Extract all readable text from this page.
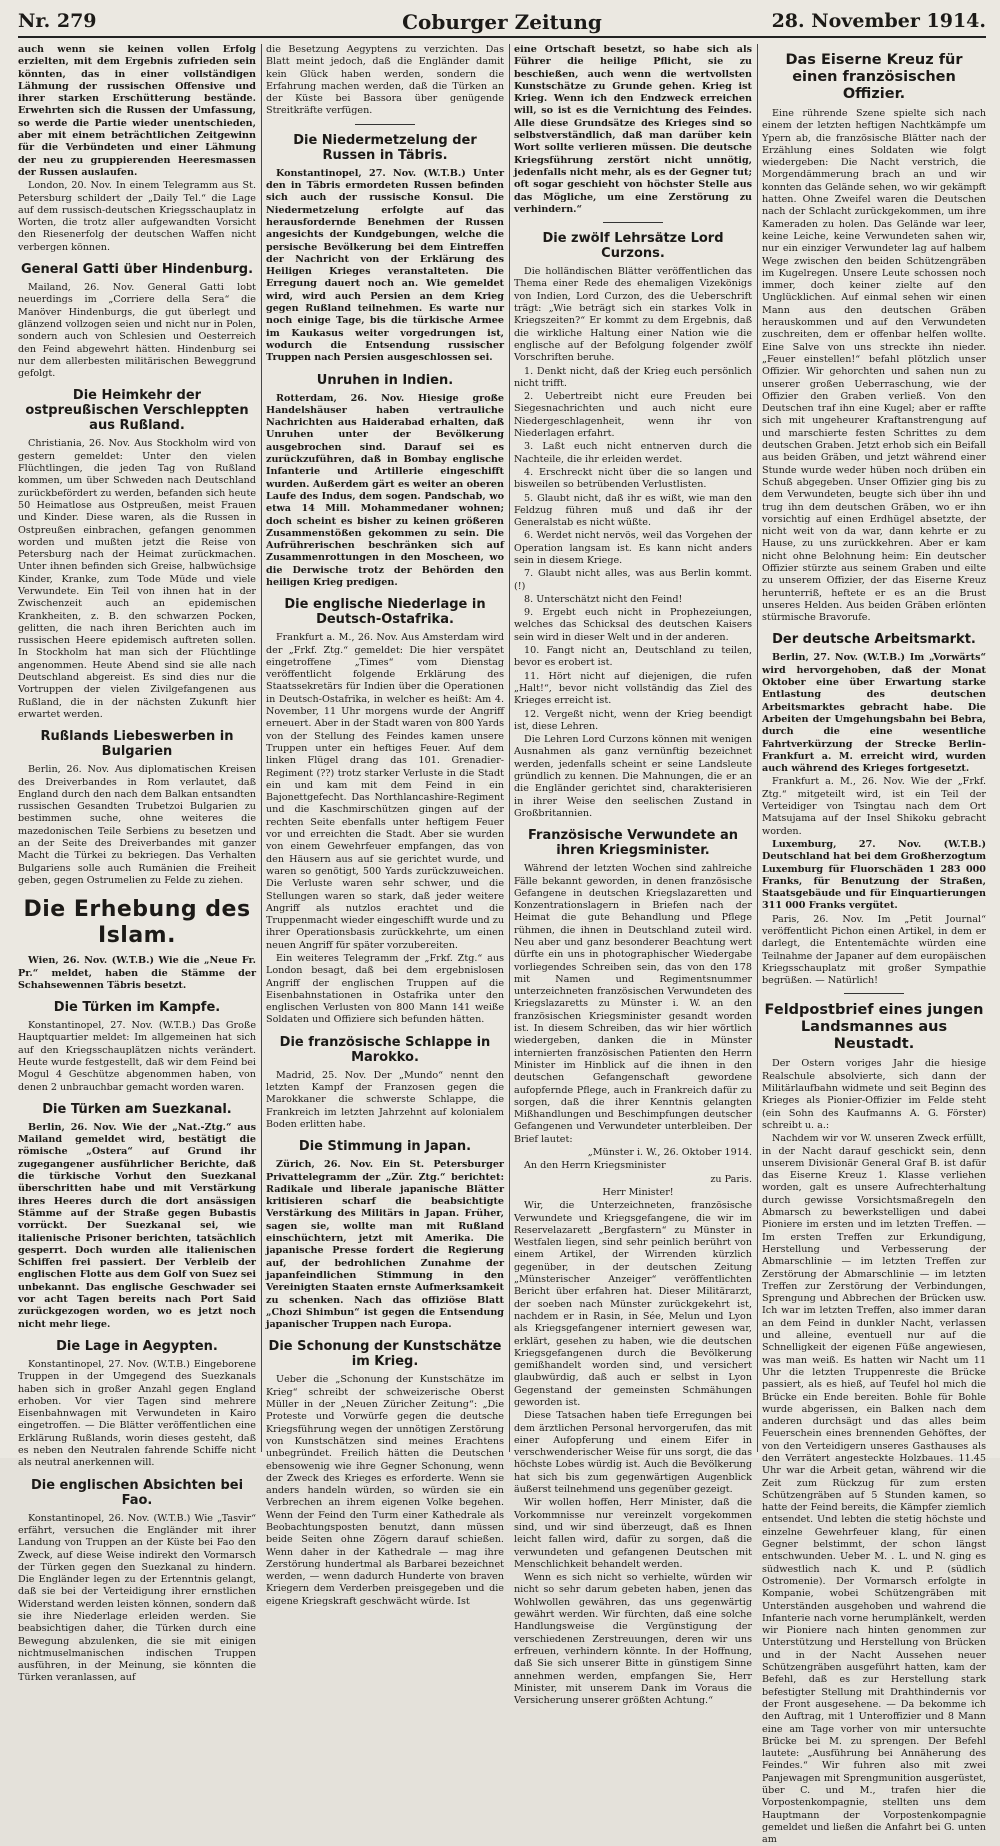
Nr. 279	Coburger Zeitung	28. November 1914.

auch wenn sie keinen vollen Erfolg erzielten, mit dem Ergebnis zufrieden sein könnten, das in einer vollständigen Lähmung der russischen Offensive und ihrer starken Erschütterung bestände. Erwehrten sich die Russen der Umfassung, so werde die Partie wieder unentschieden, aber mit einem beträchtlichen Zeitgewinn für die Verbündeten und einer Lähmung der neu zu gruppierenden Heeresmassen der Russen auslaufen.

London, 20. Nov. In einem Telegramm aus St. Petersburg schildert der „Daily Tel.“ die Lage auf dem russisch-deutschen Kriegsschauplatz in Worten, die trotz aller aufgewandten Vorsicht den Riesenerfolg der deutschen Waffen nicht verbergen können.

General Gatti über Hindenburg.

Mailand, 26. Nov. General Gatti lobt neuerdings im „Corriere della Sera“ die Manöver Hindenburgs, die gut überlegt und glänzend vollzogen seien und nicht nur in Polen, sondern auch von Schlesien und Oesterreich den Feind abgewehrt hätten. Hindenburg sei nur dem allerbesten militärischen Beweggrund gefolgt.

Die Heimkehr der ostpreußischen Verschleppten aus Rußland.

Christiania, 26. Nov. Aus Stockholm wird von gestern gemeldet: Unter den vielen Flüchtlingen, die jeden Tag von Rußland kommen, um über Schweden nach Deutschland zurückbefördert zu werden, befanden sich heute 50 Heimatlose aus Ostpreußen, meist Frauen und Kinder. Diese waren, als die Russen in Ostpreußen einbrachen, gefangen genommen worden und mußten jetzt die Reise von Petersburg nach der Heimat zurückmachen. Unter ihnen befinden sich Greise, halbwüchsige Kinder, Kranke, zum Tode Müde und viele Verwundete. Ein Teil von ihnen hat in der Zwischenzeit auch an epidemischen Krankheiten, z. B. den schwarzen Pocken, gelitten, die nach ihren Berichten auch im russischen Heere epidemisch auftreten sollen. In Stockholm hat man sich der Flüchtlinge angenommen. Heute Abend sind sie alle nach Deutschland abgereist. Es sind dies nur die Vortruppen der vielen Zivilgefangenen aus Rußland, die in der nächsten Zukunft hier erwartet werden.

Rußlands Liebeswerben in Bulgarien

Berlin, 26. Nov. Aus diplomatischen Kreisen des Dreiverbandes in Rom verlautet, daß England durch den nach dem Balkan entsandten russischen Gesandten Trubetzoi Bulgarien zu bestimmen suche, ohne weiteres die mazedonischen Teile Serbiens zu besetzen und an der Seite des Dreiverbandes mit ganzer Macht die Türkei zu bekriegen. Das Verhalten Bulgariens solle auch Rumänien die Freiheit geben, gegen Ostrumelien zu Felde zu ziehen.

Die Erhebung des Islam.

Wien, 26. Nov. (W.T.B.) Wie die „Neue Fr. Pr.“ meldet, haben die Stämme der Schahsewennen Täbris besetzt.

Die Türken im Kampfe.

Konstantinopel, 27. Nov. (W.T.B.) Das Große Hauptquartier meldet: Im allgemeinen hat sich auf den Kriegsschauplätzen nichts verändert. Heute wurde festgestellt, daß wir dem Feind bei Mogul 4 Geschütze abgenommen haben, von denen 2 unbrauchbar gemacht worden waren.

Die Türken am Suezkanal.

Berlin, 26. Nov. Wie der „Nat.-Ztg.“ aus Mailand gemeldet wird, bestätigt die römische „Ostera“ auf Grund ihr zugegangener ausführlicher Berichte, daß die türkische Vorhut den Suezkanal überschritten habe und mit Verstärkung ihres Heeres durch die dort ansässigen Stämme auf der Straße gegen Bubastis vorrückt. Der Suezkanal sei, wie italienische Prisoner berichten, tatsächlich gesperrt. Doch wurden alle italienischen Schiffen frei passiert. Der Verbleib der englischen Flotte aus dem Golf von Suez sei unbekannt. Das englische Geschwader sei vor acht Tagen bereits nach Port Said zurückgezogen worden, wo es jetzt noch nicht mehr liege.

Die Lage in Aegypten.

Konstantinopel, 27. Nov. (W.T.B.) Eingeborene Truppen in der Umgegend des Suezkanals haben sich in großer Anzahl gegen England erhoben. Vor vier Tagen sind mehrere Eisenbahnwagen mit Verwundeten in Kairo eingetroffen. — Die Blätter veröffentlichen eine Erklärung Rußlands, worin dieses gesteht, daß es neben den Neutralen fahrende Schiffe nicht als neutral anerkennen will.

Die englischen Absichten bei Fao.

Konstantinopel, 26. Nov. (W.T.B.) Wie „Tasvir“ erfährt, versuchen die Engländer mit ihrer Landung von Truppen an der Küste bei Fao den Zweck, auf diese Weise indirekt den Vormarsch der Türken gegen den Suezkanal zu hindern. Die Engländer legen zu der Ertenntnis gelangt, daß sie bei der Verteidigung ihrer ernstlichen Widerstand werden leisten können, sondern daß sie ihre Niederlage erleiden werden. Sie beabsichtigen daher, die Türken durch eine Bewegung abzulenken, die sie mit einigen nichtmuselmanischen indischen Truppen ausführen, in der Meinung, sie könnten die Türken veranlassen, auf

die Besetzung Aegyptens zu verzichten. Das Blatt meint jedoch, daß die Engländer damit kein Glück haben werden, sondern die Erfahrung machen werden, daß die Türken an der Küste bei Bassora über genügende Streitkräfte verfügen.

Die Niedermetzelung der Russen in Täbris.

Konstantinopel, 27. Nov. (W.T.B.) Unter den in Täbris ermordeten Russen befinden sich auch der russische Konsul. Die Niedermetzelung erfolgte auf das herausfordernde Benehmen der Russen angesichts der Kundgebungen, welche die persische Bevölkerung bei dem Eintreffen der Nachricht von der Erklärung des Heiligen Krieges veranstalteten. Die Erregung dauert noch an. Wie gemeldet wird, wird auch Persien an dem Krieg gegen Rußland teilnehmen. Es warte nur noch einige Tage, bis die türkische Armee im Kaukasus weiter vorgedrungen ist, wodurch die Entsendung russischer Truppen nach Persien ausgeschlossen sei.

Unruhen in Indien.

Rotterdam, 26. Nov. Hiesige große Handelshäuser haben vertrauliche Nachrichten aus Haiderabad erhalten, daß Unruhen unter der Bevölkerung ausgebrochen sind. Darauf sei es zurückzuführen, daß in Bombay englische Infanterie und Artillerie eingeschifft wurden. Außerdem gärt es weiter an oberen Laufe des Indus, dem sogen. Pandschab, wo etwa 14 Mill. Mohammedaner wohnen; doch scheint es bisher zu keinen größeren Zusammenstößen gekommen zu sein. Die Aufrührerischen beschränken sich auf Zusammenrottungen in den Moscheen, wo die Derwische trotz der Behörden den heiligen Krieg predigen.

Die englische Niederlage in Deutsch-Ostafrika.

Frankfurt a. M., 26. Nov. Aus Amsterdam wird der „Frkf. Ztg.“ gemeldet: Die hier verspätet eingetroffene „Times“ vom Dienstag veröffentlicht folgende Erklärung des Staatssekretärs für Indien über die Operationen in Deutsch-Ostafrika, in welcher es heißt: Am 4. November, 11 Uhr morgens wurde der Angriff erneuert. Aber in der Stadt waren von 800 Yards von der Stellung des Feindes kamen unsere Truppen unter ein heftiges Feuer. Auf dem linken Flügel drang das 101. Grenadier-Regiment (??) trotz starker Verluste in die Stadt ein und kam mit dem Feind in ein Bajonettgefecht. Das Northlancashire-Regiment und die Kaschmirschützen gingen auf der rechten Seite ebenfalls unter heftigem Feuer vor und erreichten die Stadt. Aber sie wurden von einem Gewehrfeuer empfangen, das von den Häusern aus auf sie gerichtet wurde, und waren so genötigt, 500 Yards zurückzuweichen. Die Verluste waren sehr schwer, und die Stellungen waren so stark, daß jeder weitere Angriff als nutzlos erachtet und die Truppenmacht wieder eingeschifft wurde und zu ihrer Operationsbasis zurückkehrte, um einen neuen Angriff für später vorzubereiten.

Ein weiteres Telegramm der „Frkf. Ztg.“ aus London besagt, daß bei dem ergebnislosen Angriff der englischen Truppen auf die Eisenbahnstationen in Ostafrika unter den englischen Verlusten von 800 Mann 141 weiße Soldaten und Offiziere sich befunden hätten.

Die französische Schlappe in Marokko.

Madrid, 25. Nov. Der „Mundo“ nennt den letzten Kampf der Franzosen gegen die Marokkaner die schwerste Schlappe, die Frankreich im letzten Jahrzehnt auf kolonialem Boden erlitten habe.

Die Stimmung in Japan.

Zürich, 26. Nov. Ein St. Petersburger Privattelegramm der „Zür. Ztg.“ berichtet: Radikale und liberale japanische Blätter kritisieren scharf die beabsichtigte Verstärkung des Militärs in Japan. Früher, sagen sie, wollte man mit Rußland einschüchtern, jetzt mit Amerika. Die japanische Presse fordert die Regierung auf, der bedrohlichen Zunahme der japanfeindlichen Stimmung in den Vereinigten Staaten ernste Aufmerksamkeit zu schenken. Nach das offiziöse Blatt „Chozi Shimbun“ ist gegen die Entsendung japanischer Truppen nach Europa.

Die Schonung der Kunstschätze im Krieg.

Ueber die „Schonung der Kunstschätze im Krieg“ schreibt der schweizerische Oberst Müller in der „Neuen Züricher Zeitung“: „Die Proteste und Vorwürfe gegen die deutsche Kriegsführung wegen der unnötigen Zerstörung von Kunstschätzen sind meines Erachtens unbegründet. Freilich hätten die Deutschen ebensowenig wie ihre Gegner Schonung, wenn der Zweck des Krieges es erforderte. Wenn sie anders handeln würden, so würden sie ein Verbrechen an ihrem eigenen Volke begehen. Wenn der Feind den Turm einer Kathedrale als Beobachtungsposten benutzt, dann müssen beide Seiten ohne Zögern darauf schießen. Wenn daher in der Kathedrale — mag ihre Zerstörung hundertmal als Barbarei bezeichnet werden, — wenn dadurch Hunderte von braven Kriegern dem Verderben preisgegeben und die eigene Kriegskraft geschwächt würde. Ist

eine Ortschaft besetzt, so habe sich als Führer die heilige Pflicht, sie zu beschießen, auch wenn die wertvollsten Kunstschätze zu Grunde gehen. Krieg ist Krieg. Wenn ich den Endzweck erreichen will, so ist es die Vernichtung des Feindes. Alle diese Grundsätze des Krieges sind so selbstverständlich, daß man darüber kein Wort sollte verlieren müssen. Die deutsche Kriegsführung zerstört nicht unnötig, jedenfalls nicht mehr, als es der Gegner tut; oft sogar geschieht von höchster Stelle aus das Mögliche, um eine Zerstörung zu verhindern.“

Die zwölf Lehrsätze Lord Curzons.

Die holländischen Blätter veröffentlichen das Thema einer Rede des ehemaligen Vizekönigs von Indien, Lord Curzon, des die Ueberschrift trägt: „Wie beträgt sich ein starkes Volk in Kriegszeiten?“ Er kommt zu dem Ergebnis, daß die wirkliche Haltung einer Nation wie die englische auf der Befolgung folgender zwölf Vorschriften beruhe.

1. Denkt nicht, daß der Krieg euch persönlich nicht trifft.

2. Uebertreibt nicht eure Freuden bei Siegesnachrichten und auch nicht eure Niedergeschlagenheit, wenn ihr von Niederlagen erfahrt.

3. Laßt euch nicht entnerven durch die Nachteile, die ihr erleiden werdet.

4. Erschreckt nicht über die so langen und bisweilen so betrübenden Verlustlisten.

5. Glaubt nicht, daß ihr es wißt, wie man den Feldzug führen muß und daß ihr der Generalstab es nicht wüßte.

6. Werdet nicht nervös, weil das Vorgehen der Operation langsam ist. Es kann nicht anders sein in diesem Kriege.

7. Glaubt nicht alles, was aus Berlin kommt. (!)

8. Unterschätzt nicht den Feind!

9. Ergebt euch nicht in Prophezeiungen, welches das Schicksal des deutschen Kaisers sein wird in dieser Welt und in der anderen.

10. Fangt nicht an, Deutschland zu teilen, bevor es erobert ist.

11. Hört nicht auf diejenigen, die rufen „Halt!“, bevor nicht vollständig das Ziel des Krieges erreicht ist.

12. Vergeßt nicht, wenn der Krieg beendigt ist, diese Lehren.

Die Lehren Lord Curzons können mit wenigen Ausnahmen als ganz vernünftig bezeichnet werden, jedenfalls scheint er seine Landsleute gründlich zu kennen. Die Mahnungen, die er an die Engländer gerichtet sind, charakterisieren in ihrer Weise den seelischen Zustand in Großbritannien.

Französische Verwundete an ihren Kriegsminister.

Während der letzten Wochen sind zahlreiche Fälle bekannt geworden, in denen französische Gefangene in deutschen Kriegslazaretten und Konzentrationslagern in Briefen nach der Heimat die gute Behandlung und Pflege rühmen, die ihnen in Deutschland zuteil wird. Neu aber und ganz besonderer Beachtung wert dürfte ein uns in photographischer Wiedergabe vorliegendes Schreiben sein, das von den 178 mit Namen und Regimentsnummer unterzeichneten französischen Verwundeten des Kriegslazaretts zu Münster i. W. an den französischen Kriegsminister gesandt worden ist. In diesem Schreiben, das wir hier wörtlich wiedergeben, danken die in Münster internierten französischen Patienten den Herrn Minister im Hinblick auf die ihnen in den deutschen Gefangenschaft gewordene aufopfernde Pflege, auch in Frankreich dafür zu sorgen, daß die ihrer Kenntnis gelangten Mißhandlungen und Beschimpfungen deutscher Gefangenen und Verwundeter unterbleiben. Der Brief lautet:

„Münster i. W., 26. Oktober 1914.

An den Herrn Kriegsminister

zu Paris.

Herr Minister!

Wir, die Unterzeichneten, französische Verwundete und Kriegsgefangene, die wir im Reservelazarett „Bergfastern“ zu Münster in Westfalen liegen, sind sehr peinlich berührt von einem Artikel, der Wirrenden kürzlich gegenüber, in der deutschen Zeitung „Münsterischer Anzeiger“ veröffentlichten Bericht über erfahren hat. Dieser Militärarzt, der soeben nach Münster zurückgekehrt ist, nachdem er in Rasin, in Sée, Melun und Lyon als Kriegsgefangener interniert gewesen war, erklärt, gesehen zu haben, wie die deutschen Kriegsgefangenen durch die Bevölkerung gemißhandelt worden sind, und versichert glaubwürdig, daß auch er selbst in Lyon Gegenstand der gemeinsten Schmähungen geworden ist.

Diese Tatsachen haben tiefe Erregungen bei dem ärztlichen Personal hervorgerufen, das mit einer Aufopferung und einem Eifer in verschwenderischer Weise für uns sorgt, die das höchste Lobes würdig ist. Auch die Bevölkerung hat sich bis zum gegenwärtigen Augenblick äußerst teilnehmend uns gegenüber gezeigt.

Wir wollen hoffen, Herr Minister, daß die Vorkommnisse nur vereinzelt vorgekommen sind, und wir sind überzeugt, daß es Ihnen leicht fallen wird, dafür zu sorgen, daß die verwundeten und gefangenen Deutschen mit Menschlichkeit behandelt werden.

Wenn es sich nicht so verhielte, würden wir nicht so sehr darum gebeten haben, jenen das Wohlwollen gewähren, das uns gegenwärtig gewährt werden. Wir fürchten, daß eine solche Handlungsweise die Vergünstigung der verschiedenen Zerstreuungen, deren wir uns erfreuen, verhindern könnte. In der Hoffnung, daß Sie sich unserer Bitte in günstigem Sinne annehmen werden, empfangen Sie, Herr Minister, mit unserem Dank im Voraus die Versicherung unserer größten Achtung.“

Das Eiserne Kreuz für einen französischen Offizier.

Eine rührende Szene spielte sich nach einem der letzten heftigen Nachtkämpfe um Ypern ab, die französische Blätter nach der Erzählung eines Soldaten wie folgt wiedergeben: Die Nacht verstrich, die Morgendämmerung brach an und wir konnten das Gelände sehen, wo wir gekämpft hatten. Ohne Zweifel waren die Deutschen nach der Schlacht zurückgekommen, um ihre Kameraden zu holen. Das Gelände war leer, keine Leiche, keine Verwundeten sahen wir, nur ein einziger Verwundeter lag auf halbem Wege zwischen den beiden Schützengräben im Kugelregen. Unsere Leute schossen noch immer, doch keiner zielte auf den Unglücklichen. Auf einmal sehen wir einen Mann aus den deutschen Gräben herauskommen und auf den Verwundeten zuschreiten, dem er offenbar helfen wollte. Eine Salve von uns streckte ihn nieder. „Feuer einstellen!“ befahl plötzlich unser Offizier. Wir gehorchten und sahen nun zu unserer großen Ueberraschung, wie der Offizier den Graben verließ. Von den Deutschen traf ihn eine Kugel; aber er raffte sich mit ungeheurer Kraftanstrengung auf und marschierte festen Schrittes zu dem deutschen Graben. Jetzt erhob sich ein Beifall aus beiden Gräben, und jetzt während einer Stunde wurde weder hüben noch drüben ein Schuß abgegeben. Unser Offizier ging bis zu dem Verwundeten, beugte sich über ihn und trug ihn dem deutschen Gräben, wo er ihn vorsichtig auf einen Erdhügel absetzte, der nicht weit von da war, dann kehrte er zu Hause, zu uns zurückkehren. Aber er kam nicht ohne Belohnung heim: Ein deutscher Offizier stürzte aus seinem Graben und eilte zu unserem Offizier, der das Eiserne Kreuz herunterriß, heftete er es an die Brust unseres Helden. Aus beiden Gräben erlönten stürmische Bravorufe.

Der deutsche Arbeitsmarkt.

Berlin, 27. Nov. (W.T.B.) Im „Vorwärts“ wird hervorgehoben, daß der Monat Oktober eine über Erwartung starke Entlastung des deutschen Arbeitsmarktes gebracht habe. Die Arbeiten der Umgehungsbahn bei Bebra, durch die eine wesentliche Fahrtverkürzung der Strecke Berlin-Frankfurt a. M. erreicht wird, wurden auch während des Krieges fortgesetzt.

Frankfurt a. M., 26. Nov. Wie der „Frkf. Ztg.“ mitgeteilt wird, ist ein Teil der Verteidiger von Tsingtau nach dem Ort Matsujama auf der Insel Shikoku gebracht worden.

Luxemburg, 27. Nov. (W.T.B.) Deutschland hat bei dem Großherzogtum Luxemburg für Fluorschäden 1 283 000 Franks, für Benutzung der Straßen, Staatsgebäude und für Einquartierungen 311 000 Franks vergütet.

Paris, 26. Nov. Im „Petit Journal“ veröffentlicht Pichon einen Artikel, in dem er darlegt, die Ententemächte würden eine Teilnahme der Japaner auf dem europäischen Kriegsschauplatz mit großer Sympathie begrüßen. — Natürlich!

Feldpostbrief eines jungen Landsmannes aus Neustadt.

Der Ostern voriges Jahr die hiesige Realschule absolvierte, sich dann der Militärlaufbahn widmete und seit Beginn des Krieges als Pionier-Offizier im Felde steht (ein Sohn des Kaufmanns A. G. Förster) schreibt u. a.:

Nachdem wir vor W. unseren Zweck erfüllt, in der Nacht darauf geschickt sein, denn unserem Divisionär General Graf B. ist dafür das Eiserne Kreuz 1. Klasse verliehen worden, galt es unsere Aufrechterhaltung durch gewisse Vorsichtsmaßregeln den Abmarsch zu bewerkstelligen und dabei Pioniere im ersten und im letzten Treffen. — Im ersten Treffen zur Erkundigung, Herstellung und Verbesserung der Abmarschlinie — im letzten Treffen zur Zerstörung der Abmarschlinie — im letzten Treffen zur Zerstörung der Verbindungen, Sprengung und Abbrechen der Brücken usw. Ich war im letzten Treffen, also immer daran an dem Feind in dunkler Nacht, verlassen und alleine, eventuell nur auf die Schnelligkeit der eigenen Füße angewiesen, was man weiß. Es hatten wir Nacht um 11 Uhr die letzten Truppenreste die Brücke passiert, als es hieß, auf Teufel hol mich die Brücke ein Ende bereiten. Bohle für Bohle wurde abgerissen, ein Balken nach dem anderen durchsägt und das alles beim Feuerschein eines brennenden Gehöftes, der von den Verteidigern unseres Gasthauses als den Verrätert angesteckte Holzbaues. 11.45 Uhr war die Arbeit getan, während wir die Zeit zum Rückzug für zum ersten Schützengräben auf 5 Stunden kamen, so hatte der Feind bereits, die Kämpfer ziemlich entsendet. Und lebten die stetig höchste und einzelne Gewehrfeuer klang, für einen Gegner belstimmt, der schon längst entschwunden. Ueber M. . L. und N. ging es südwestlich nach K. und P. (südlich Ostromenie). Der Vormarsch erfolgte in Kompanie, wobei Schützengräben mit Unterständen ausgehoben und wahrend die Infanterie nach vorne herumplänkelt, werden wir Pioniere nach hinten genommen zur Unterstützung und Herstellung von Brücken und in der Nacht Aussehen neuer Schützengräben ausgeführt hatten, kam der Befehl, daß es zur Herstellung stark befestigter Stellung mit Drahthindernis vor der Front ausgesehene. — Da bekomme ich den Auftrag, mit 1 Unteroffizier und 8 Mann eine am Tage vorher von mir untersuchte Brücke bei M. zu sprengen. Der Befehl lautete: „Ausführung bei Annäherung des Feindes.“ Wir fuhren also mit zwei Panjewagen mit Sprengmunition ausgerüstet, über C. und M., trafen hier die Vorpostenkompagnie, stellten uns dem Hauptmann der Vorpostenkompagnie gemeldet und ließen die Anfahrt bei G. unten am
